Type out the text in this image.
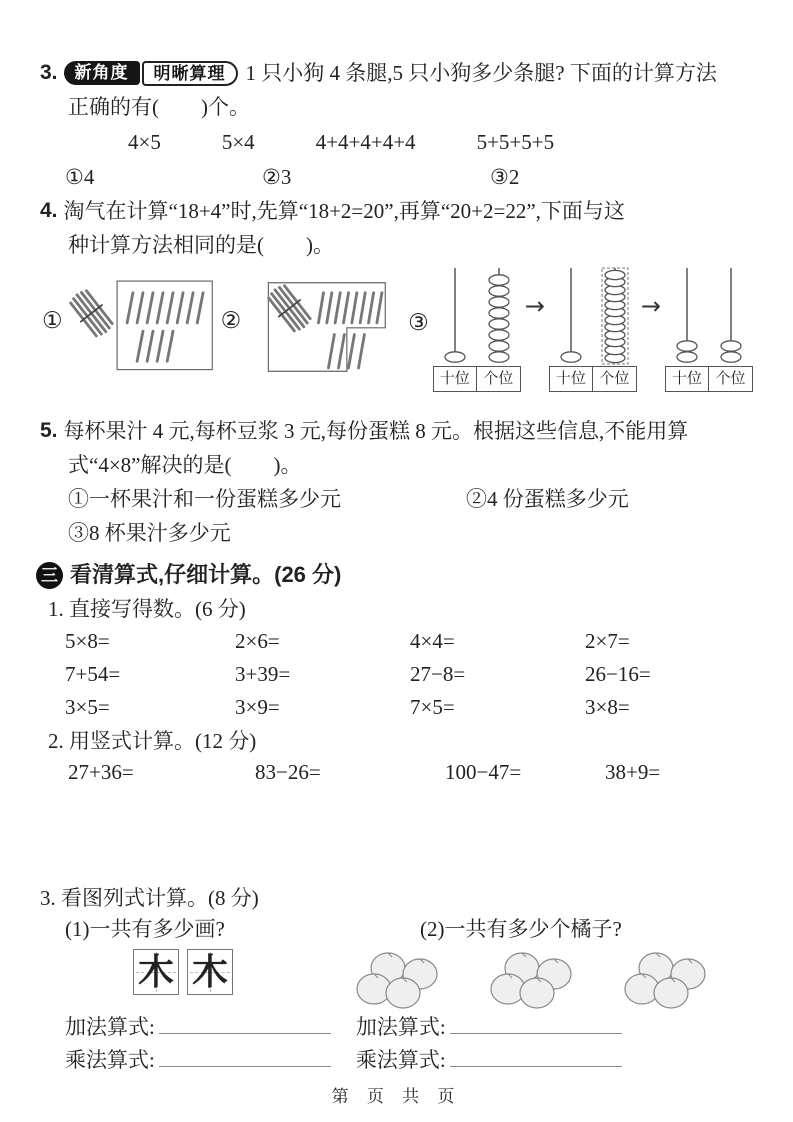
3.	新角度	明晰算理 1 只小狗 4 条腿,5 只小狗多少条腿? 下面的计算方法
正确的有(　　)个。
4×5	5×4	4+4+4+4+4	5+5+5+5
①4	②3	③2
4. 淘气在计算“18+4”时,先算“18+2=20”,再算“20+2=22”,下面与这
种计算方法相同的是(　　)。
①	②	③
十位 个位
→
十位 个位
→
十位 个位
5. 每杯果汁 4 元,每杯豆浆 3 元,每份蛋糕 8 元。根据这些信息,不能用算
式“4×8”解决的是(　　)。
①一杯果汁和一份蛋糕多少元	②4 份蛋糕多少元
③8 杯果汁多少元
三 看清算式,仔细计算。(26 分)
1. 直接写得数。(6 分)
5×8=	2×6=	4×4=	2×7=
7+54=	3+39=	27−8=	26−16=
3×5=	3×9=	7×5=	3×8=
2. 用竖式计算。(12 分)
27+36=	83−26=	100−47=	38+9=
3. 看图列式计算。(8 分)
(1)一共有多少画?	(2)一共有多少个橘子?
木 木
加法算式:
乘法算式:
加法算式:
乘法算式:
第 页 共 页
